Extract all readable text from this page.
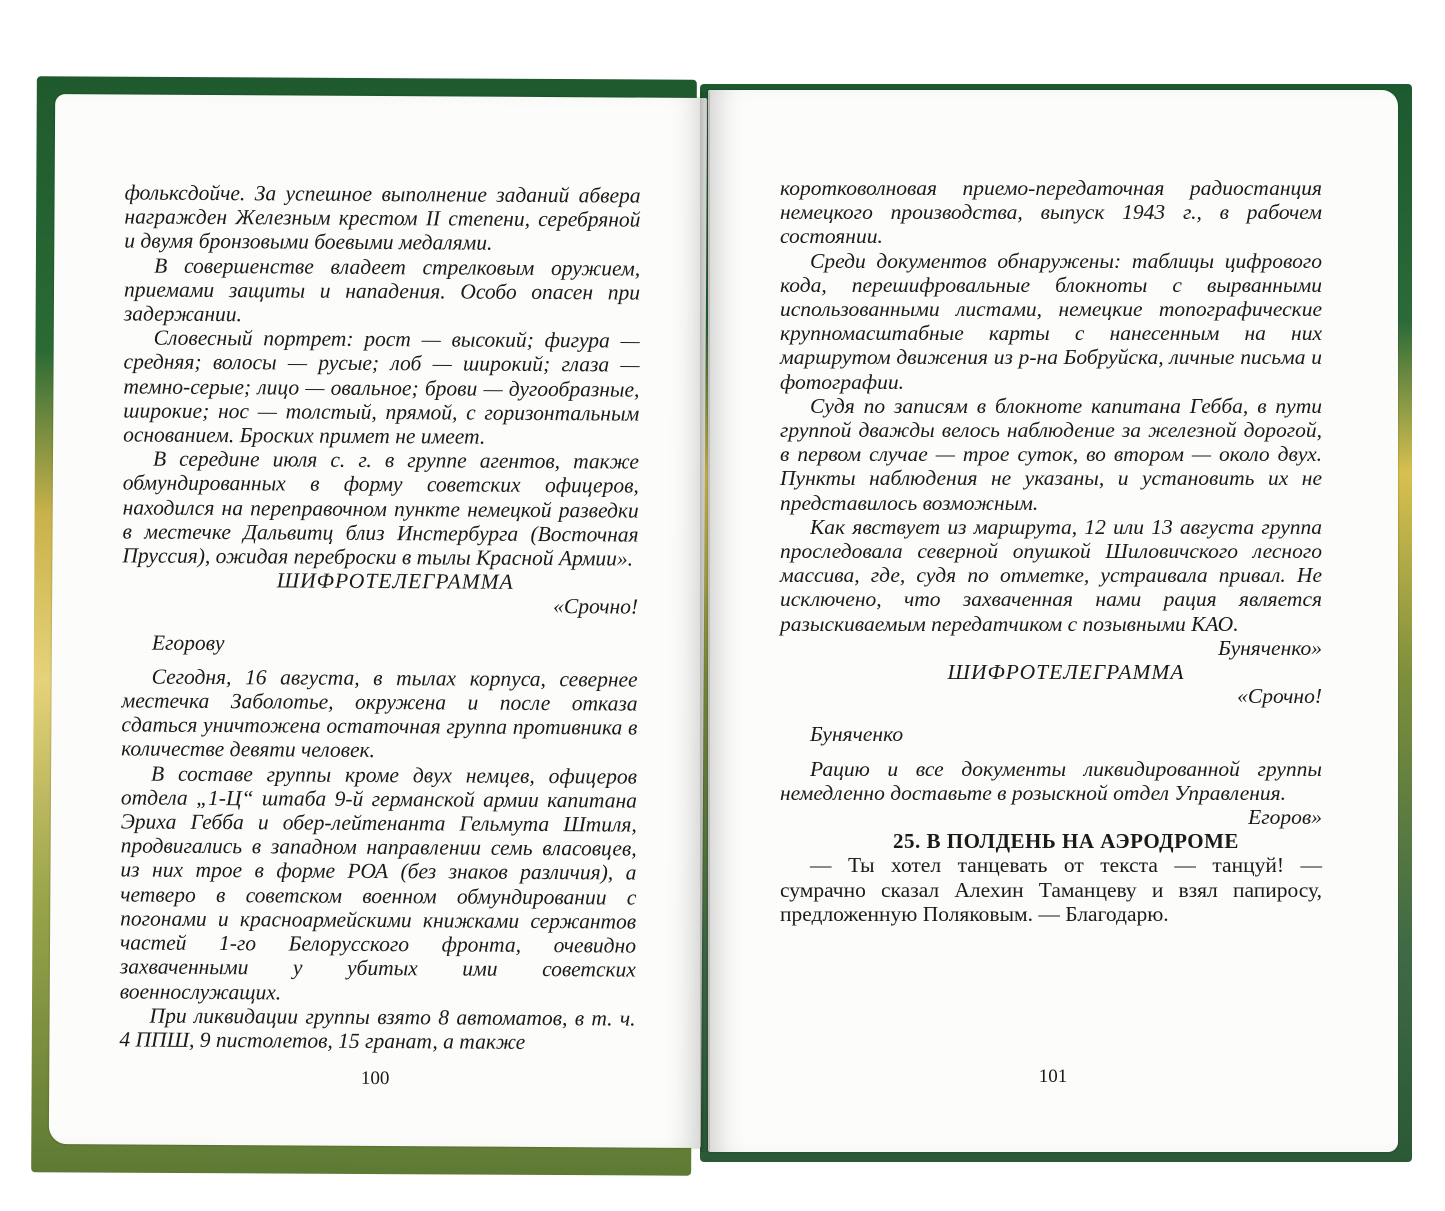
фольксдойче. За успешное выполнение заданий абвера награжден Железным крестом II степени, серебряной и двумя бронзовыми боевыми медалями.

В совершенстве владеет стрелковым оружием, приемами защиты и нападения. Особо опасен при задержании.

Словесный портрет: рост — высокий; фигура — средняя; волосы — русые; лоб — широкий; глаза — темно-серые; лицо — овальное; брови — дугообразные, широкие; нос — толстый, прямой, с горизонтальным основанием. Броских примет не имеет.

В середине июля с. г. в группе агентов, также обмундированных в форму советских офицеров, находился на переправочном пункте немецкой разведки в местечке Дальвитц близ Инстербурга (Восточная Пруссия), ожидая переброски в тылы Красной Армии».

ШИФРОТЕЛЕГРАММА

«Срочно!

Егорову

Сегодня, 16 августа, в тылах корпуса, севернее местечка Заболотье, окружена и после отказа сдаться уничтожена остаточная группа противника в количестве девяти человек.

В составе группы кроме двух немцев, офицеров отдела „1-Ц“ штаба 9-й германской армии капитана Эриха Гебба и обер-лейтенанта Гельмута Штиля, продвигались в западном направлении семь власовцев, из них трое в форме РОА (без знаков различия), а четверо в советском военном обмундировании с погонами и красноармейскими книжками сержантов частей 1-го Белорусского фронта, очевидно захваченными у убитых ими советских военнослужащих.

При ликвидации группы взято 8 автоматов, в т. ч. 4 ППШ, 9 пистолетов, 15 гранат, а также

100

коротковолновая приемо-передаточная радиостанция немецкого производства, выпуск 1943 г., в рабочем состоянии.

Среди документов обнаружены: таблицы цифрового кода, перешифровальные блокноты с вырванными использованными листами, немецкие топографические крупномасштабные карты с нанесенным на них маршрутом движения из р-на Бобруйска, личные письма и фотографии.

Судя по записям в блокноте капитана Гебба, в пути группой дважды велось наблюдение за железной дорогой, в первом случае — трое суток, во втором — около двух. Пункты наблюдения не указаны, и установить их не представилось возможным.

Как явствует из маршрута, 12 или 13 августа группа проследовала северной опушкой Шиловичского лесного массива, где, судя по отметке, устраивала привал. Не исключено, что захваченная нами рация является разыскиваемым передатчиком с позывными КАО.

Буняченко»

ШИФРОТЕЛЕГРАММА

«Срочно!

Буняченко

Рацию и все документы ликвидированной группы немедленно доставьте в розыскной отдел Управления.

Егоров»

25. В ПОЛДЕНЬ НА АЭРОДРОМЕ

— Ты хотел танцевать от текста — танцуй! — сумрачно сказал Алехин Таманцеву и взял папиросу, предложенную Поляковым. — Благодарю.

101
